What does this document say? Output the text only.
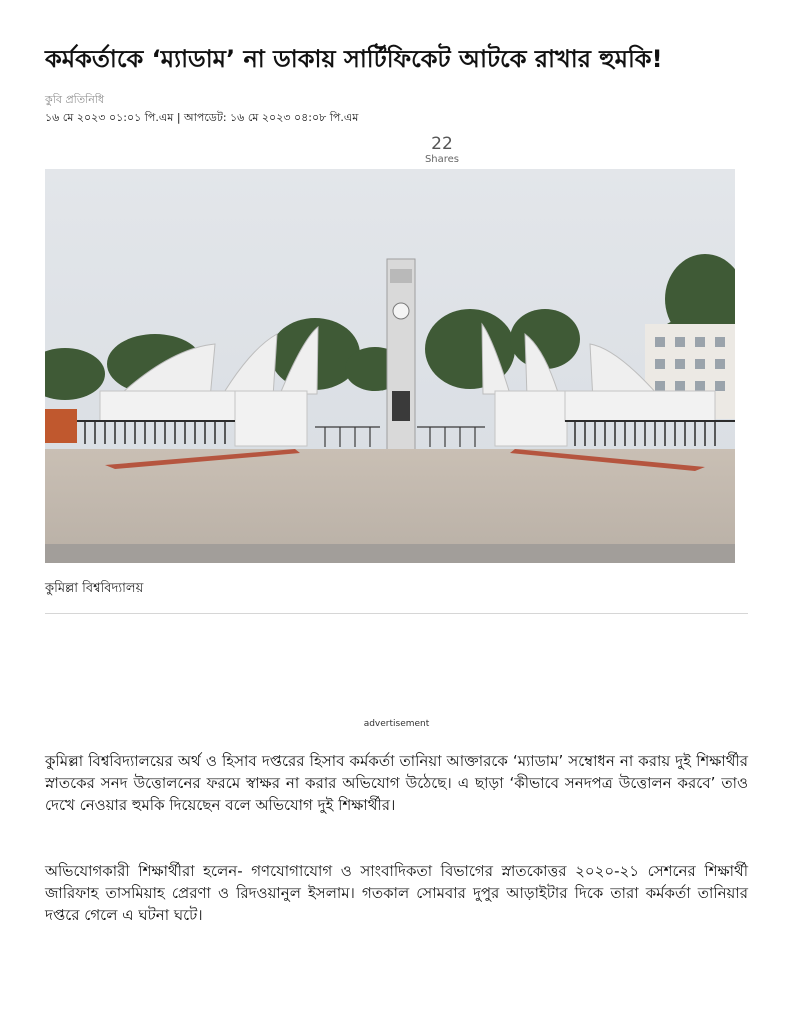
কর্মকর্তাকে ‘ম্যাডাম’ না ডাকায় সার্টিফিকেট আটকে রাখার হুমকি!
কুবি প্রতিনিধি
১৬ মে ২০২৩ ০১:০১ পি.এম | আপডেট: ১৬ মে ২০২৩ ০৪:০৮ পি.এম
22
Shares
কুমিল্লা বিশ্ববিদ্যালয়
advertisement

কুমিল্লা বিশ্ববিদ্যালয়ের অর্থ ও হিসাব দপ্তরের হিসাব কর্মকর্তা তানিয়া আক্তারকে ‘ম্যাডাম’ সম্বোধন না করায় দুই শিক্ষার্থীর স্নাতকের সনদ উত্তোলনের ফরমে স্বাক্ষর না করার অভিযোগ উঠেছে। এ ছাড়া ‘কীভাবে সনদপত্র উত্তোলন করবে’ তাও দেখে নেওয়ার হুমকি দিয়েছেন বলে অভিযোগ দুই শিক্ষার্থীর।

অভিযোগকারী শিক্ষার্থীরা হলেন- গণযোগাযোগ ও সাংবাদিকতা বিভাগের স্নাতকোত্তর ২০২০-২১ সেশনের শিক্ষার্থী জারিফাহ তাসমিয়াহ প্রেরণা ও রিদওয়ানুল ইসলাম। গতকাল সোমবার দুপুর আড়াইটার দিকে তারা কর্মকর্তা তানিয়ার দপ্তরে গেলে এ ঘটনা ঘটে।
